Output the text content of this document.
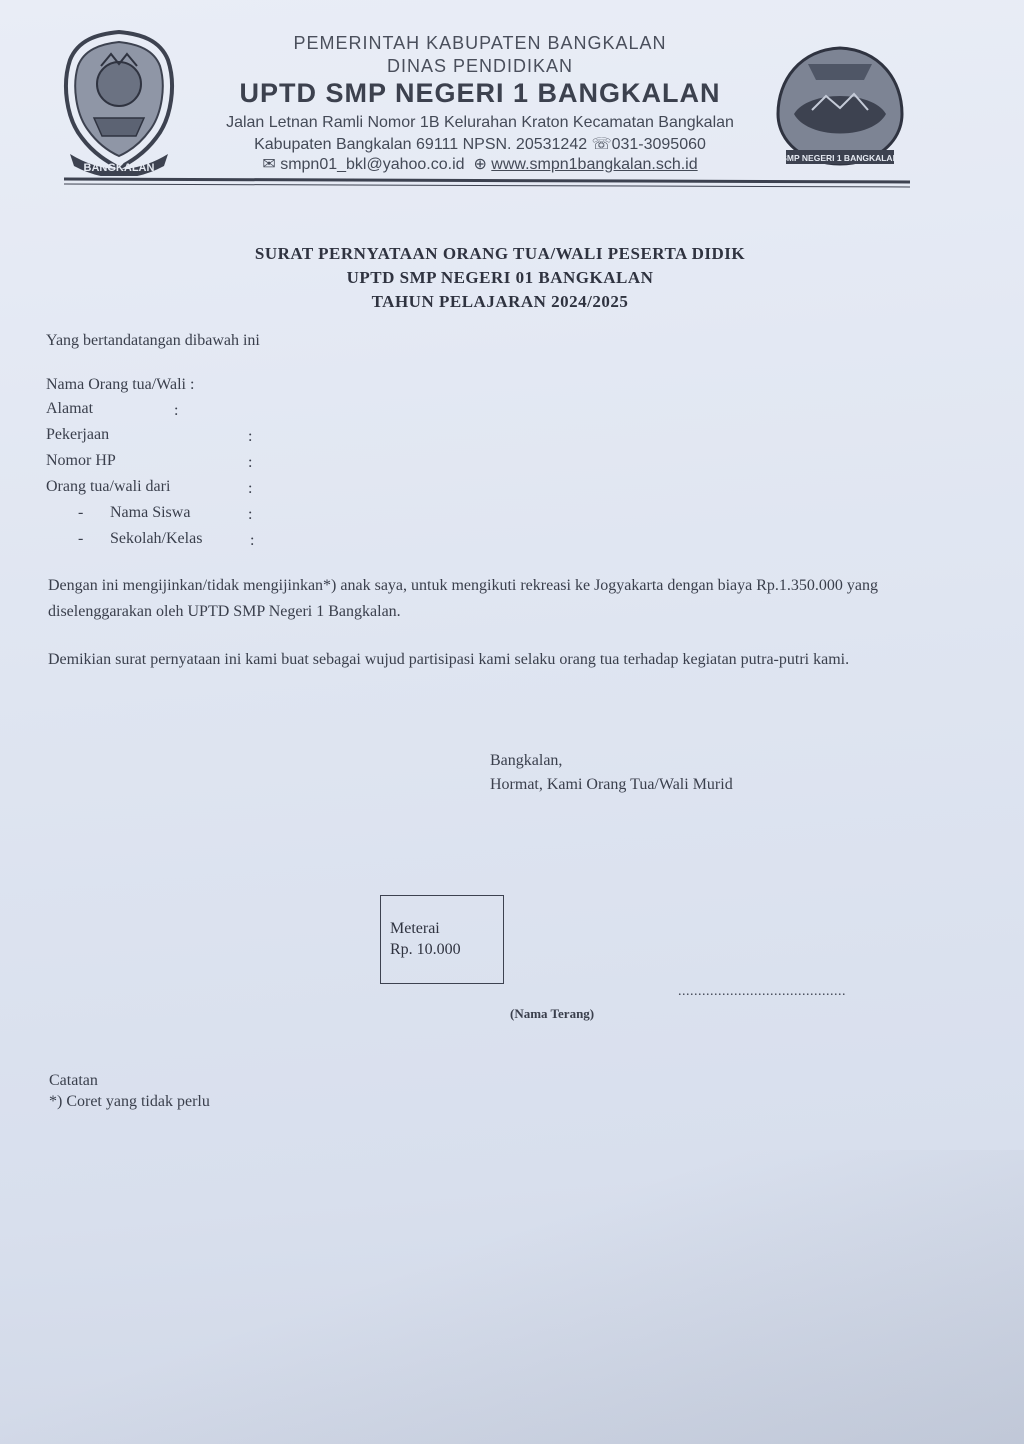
BANGKALAN
SMP NEGERI 1 BANGKALAN
PEMERINTAH KABUPATEN BANGKALAN
DINAS PENDIDIKAN
UPTD SMP NEGERI 1 BANGKALAN
Jalan Letnan Ramli Nomor 1B Kelurahan Kraton Kecamatan Bangkalan
Kabupaten Bangkalan 69111 NPSN. 20531242 ☏031-3095060
✉ smpn01_bkl@yahoo.co.id ⊕ www.smpn1bangkalan.sch.id
SURAT PERNYATAAN ORANG TUA/WALI PESERTA DIDIK
UPTD SMP NEGERI 01 BANGKALAN
TAHUN PELAJARAN 2024/2025
Yang bertandatangan dibawah ini
Nama Orang tua/Wali :
Alamat	:
Pekerjaan	:
Nomor HP	:
Orang tua/wali dari	:
- Nama Siswa	:
- Sekolah/Kelas	:
Dengan ini mengijinkan/tidak mengijinkan*) anak saya, untuk mengikuti rekreasi ke Jogyakarta dengan biaya Rp.1.350.000 yang diselenggarakan oleh UPTD SMP Negeri 1 Bangkalan.
Demikian surat pernyataan ini kami buat sebagai wujud partisipasi kami selaku orang tua terhadap kegiatan putra-putri kami.
Bangkalan,
Hormat, Kami Orang Tua/Wali Murid
Meterai
Rp. 10.000
..........................................
(Nama Terang)
Catatan
*) Coret yang tidak perlu
